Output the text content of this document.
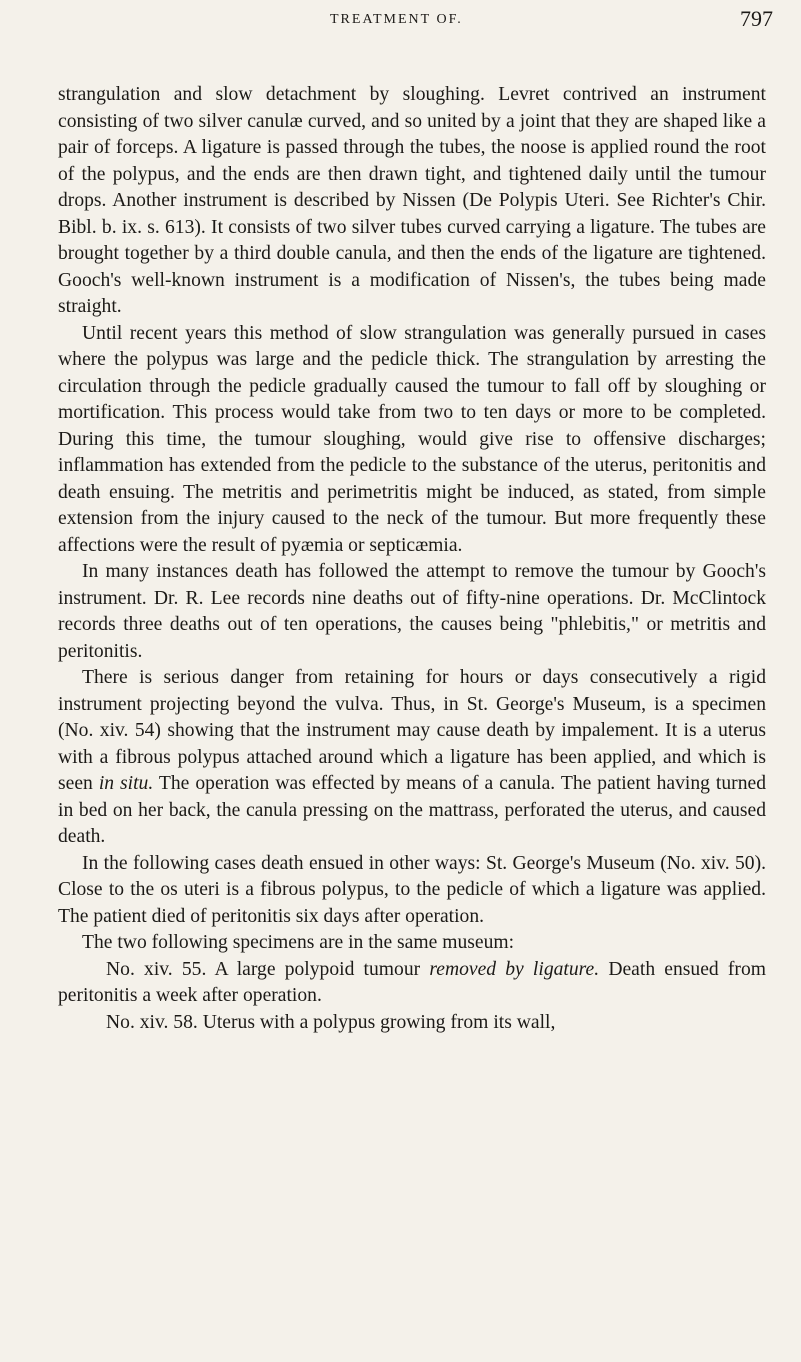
TREATMENT OF.	797

strangulation and slow detachment by sloughing. Levret contrived an instrument consisting of two silver canulæ curved, and so united by a joint that they are shaped like a pair of forceps. A ligature is passed through the tubes, the noose is applied round the root of the polypus, and the ends are then drawn tight, and tightened daily until the tumour drops. Another instrument is described by Nissen (De Polypis Uteri. See Richter's Chir. Bibl. b. ix. s. 613). It consists of two silver tubes curved carrying a ligature. The tubes are brought together by a third double canula, and then the ends of the ligature are tightened. Gooch's well-known instrument is a modification of Nissen's, the tubes being made straight.

Until recent years this method of slow strangulation was generally pursued in cases where the polypus was large and the pedicle thick. The strangulation by arresting the circulation through the pedicle gradually caused the tumour to fall off by sloughing or mortification. This process would take from two to ten days or more to be completed. During this time, the tumour sloughing, would give rise to offensive discharges; inflammation has extended from the pedicle to the substance of the uterus, peritonitis and death ensuing. The metritis and perimetritis might be induced, as stated, from simple extension from the injury caused to the neck of the tumour. But more frequently these affections were the result of pyæmia or septicæmia.

In many instances death has followed the attempt to remove the tumour by Gooch's instrument. Dr. R. Lee records nine deaths out of fifty-nine operations. Dr. McClintock records three deaths out of ten operations, the causes being "phlebitis," or metritis and peritonitis.

There is serious danger from retaining for hours or days consecutively a rigid instrument projecting beyond the vulva. Thus, in St. George's Museum, is a specimen (No. xiv. 54) showing that the instrument may cause death by impalement. It is a uterus with a fibrous polypus attached around which a ligature has been applied, and which is seen in situ. The operation was effected by means of a canula. The patient having turned in bed on her back, the canula pressing on the mattrass, perforated the uterus, and caused death.

In the following cases death ensued in other ways: St. George's Museum (No. xiv. 50). Close to the os uteri is a fibrous polypus, to the pedicle of which a ligature was applied. The patient died of peritonitis six days after operation.

The two following specimens are in the same museum:

No. xiv. 55. A large polypoid tumour removed by ligature. Death ensued from peritonitis a week after operation.

No. xiv. 58. Uterus with a polypus growing from its wall,
